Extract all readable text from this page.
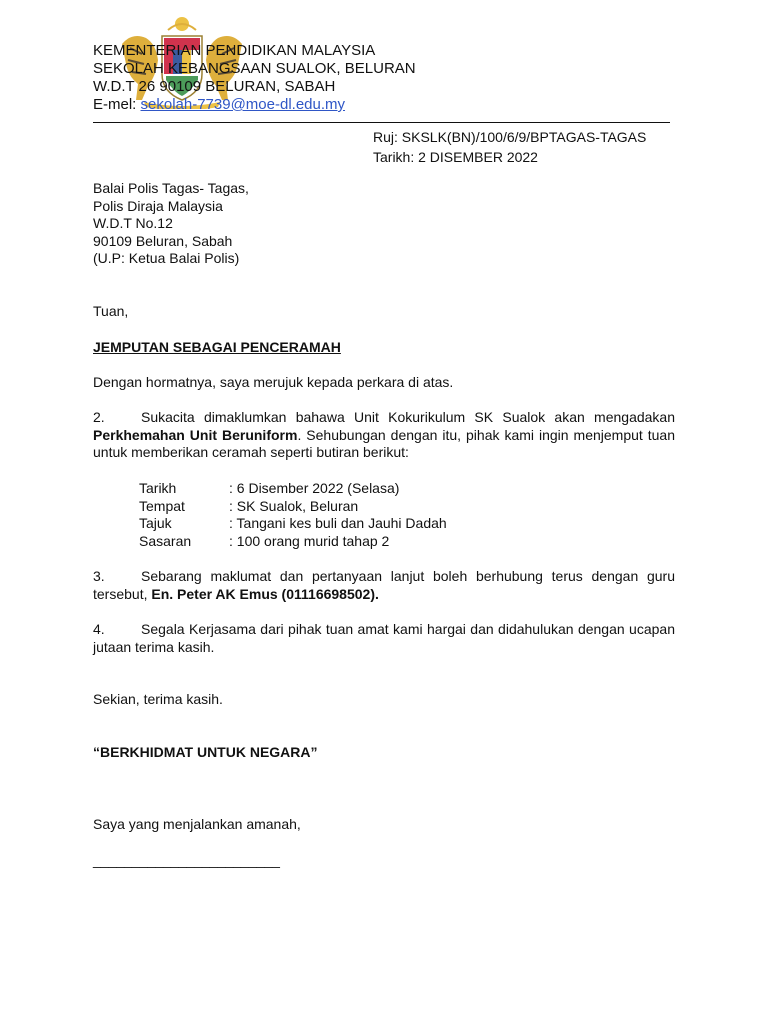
KEMENTERIAN PENDIDIKAN MALAYSIA
SEKOLAH KEBANGSAAN SUALOK, BELURAN
W.D.T 26 90109 BELURAN, SABAH
E-mel: sekolah-7739@moe-dl.edu.my
Ruj: SKSLK(BN)/100/6/9/BPTAGAS-TAGAS
Tarikh: 2 DISEMBER 2022
Balai Polis Tagas- Tagas,
Polis Diraja Malaysia
W.D.T No.12
90109 Beluran, Sabah
(U.P: Ketua Balai Polis)
Tuan,
JEMPUTAN SEBAGAI PENCERAMAH
Dengan hormatnya, saya merujuk kepada perkara di atas.
2.	Sukacita dimaklumkan bahawa Unit Kokurikulum SK Sualok akan mengadakan Perkhemahan Unit Beruniform. Sehubungan dengan itu, pihak kami ingin menjemput tuan untuk memberikan ceramah seperti butiran berikut:
Tarikh	: 6 Disember 2022 (Selasa)
Tempat	: SK Sualok, Beluran
Tajuk	: Tangani kes buli dan Jauhi Dadah
Sasaran	: 100 orang murid tahap 2
3.	Sebarang maklumat dan pertanyaan lanjut boleh berhubung terus dengan guru tersebut, En. Peter AK Emus (01116698502).
4.	Segala Kerjasama dari pihak tuan amat kami hargai dan didahulukan dengan ucapan jutaan terima kasih.
Sekian, terima kasih.
“BERKHIDMAT UNTUK NEGARA”
Saya yang menjalankan amanah,
________________________
